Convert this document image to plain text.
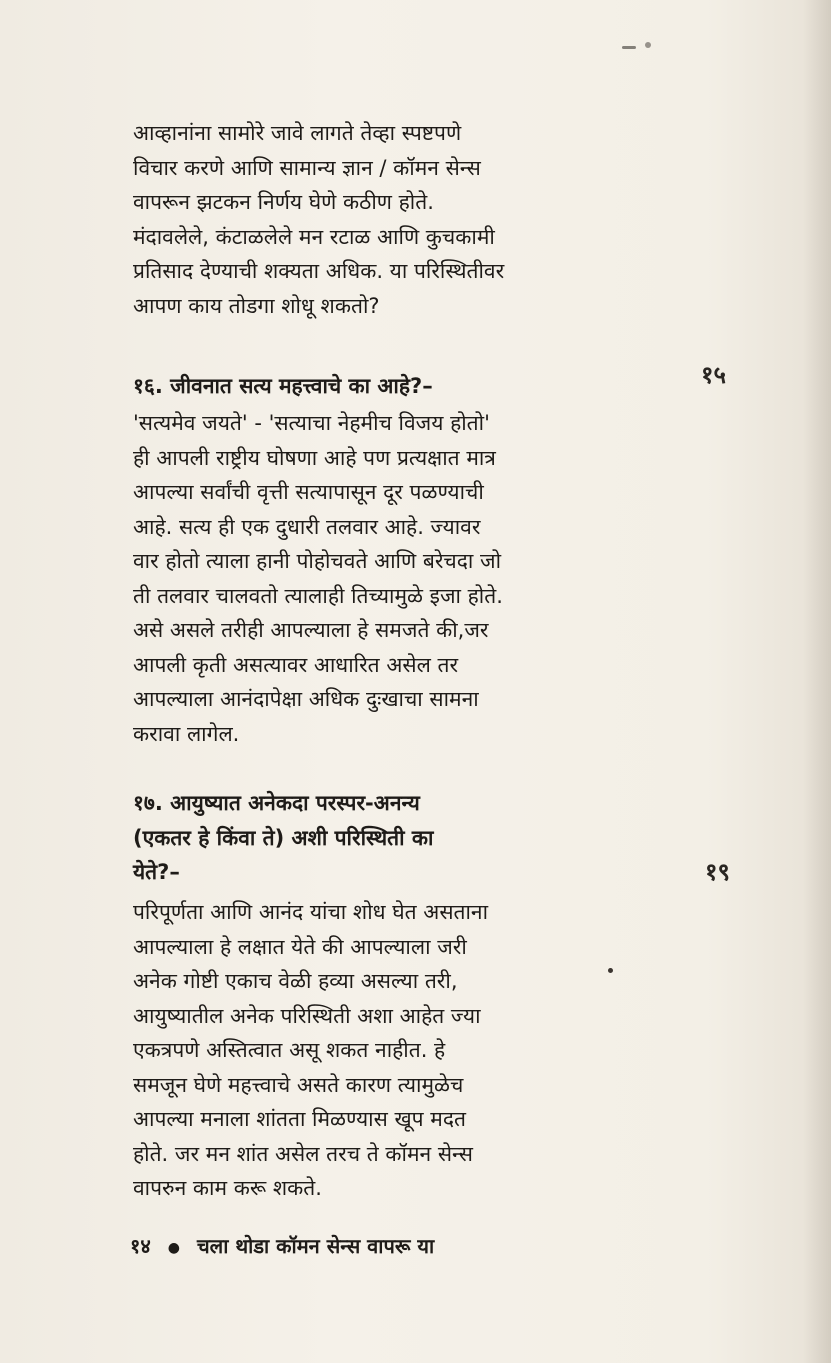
आव्हानांना सामोरे जावे लागते तेव्हा स्पष्टपणे

विचार करणे आणि सामान्य ज्ञान / कॉमन सेन्स

वापरून झटकन निर्णय घेणे कठीण होते.

मंदावलेले, कंटाळलेले मन रटाळ आणि कुचकामी

प्रतिसाद देण्याची शक्यता अधिक. या परिस्थितीवर

आपण काय तोडगा शोधू शकतो?

१५

१६. जीवनात सत्य महत्त्वाचे का आहे?–

'सत्यमेव जयते' - 'सत्याचा नेहमीच विजय होतो'

ही आपली राष्ट्रीय घोषणा आहे पण प्रत्यक्षात मात्र

आपल्या सर्वांची वृत्ती सत्यापासून दूर पळण्याची

आहे. सत्य ही एक दुधारी तलवार आहे. ज्यावर

वार होतो त्याला हानी पोहोचवते आणि बरेचदा जो

ती तलवार चालवतो त्यालाही तिच्यामुळे इजा होते.

असे असले तरीही आपल्याला हे समजते की,जर

आपली कृती असत्यावर आधारित असेल तर

आपल्याला आनंदापेक्षा अधिक दुःखाचा सामना

करावा लागेल.

१७. आयुष्यात अनेकदा परस्पर-अनन्य

(एकतर हे किंवा ते) अशी परिस्थिती का

येते?–	१९

परिपूर्णता आणि आनंद यांचा शोध घेत असताना

आपल्याला हे लक्षात येते की आपल्याला जरी

अनेक गोष्टी एकाच वेळी हव्या असल्या तरी,

आयुष्यातील अनेक परिस्थिती अशा आहेत ज्या

एकत्रपणे अस्तित्वात असू शकत नाहीत. हे

समजून घेणे महत्त्वाचे असते कारण त्यामुळेच

आपल्या मनाला शांतता मिळण्यास खूप मदत

होते. जर मन शांत असेल तरच ते कॉमन सेन्स

वापरुन काम करू शकते.

१४ ● चला थोडा कॉमन सेन्स वापरू या
